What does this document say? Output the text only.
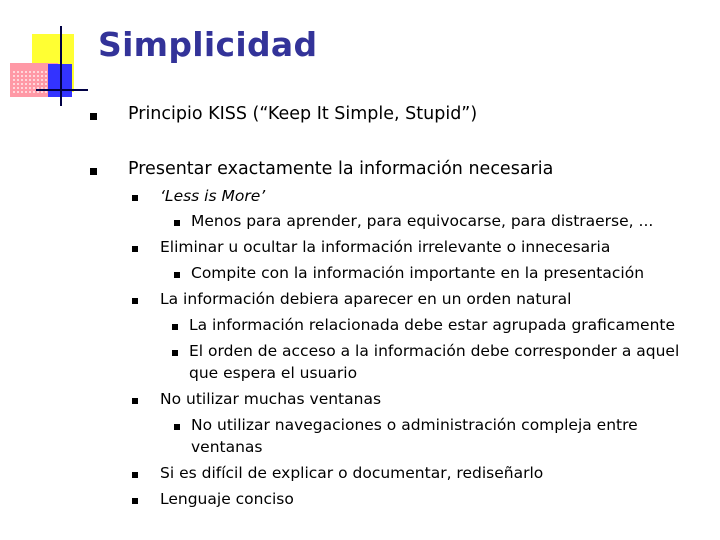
Simplicidad
Principio KISS (“Keep It Simple, Stupid”)
Presentar exactamente la información necesaria
‘Less is More’
Menos para aprender, para equivocarse, para distraerse, ...
Eliminar u ocultar la información irrelevante o innecesaria
Compite con la información importante en la presentación
La información debiera aparecer en un orden natural
La información relacionada debe estar agrupada graficamente
El orden de acceso a la información debe corresponder a aquel
que espera el usuario
No utilizar muchas ventanas
No utilizar navegaciones o administración compleja entre
ventanas
Si es difícil de explicar o documentar, rediseñarlo
Lenguaje conciso
